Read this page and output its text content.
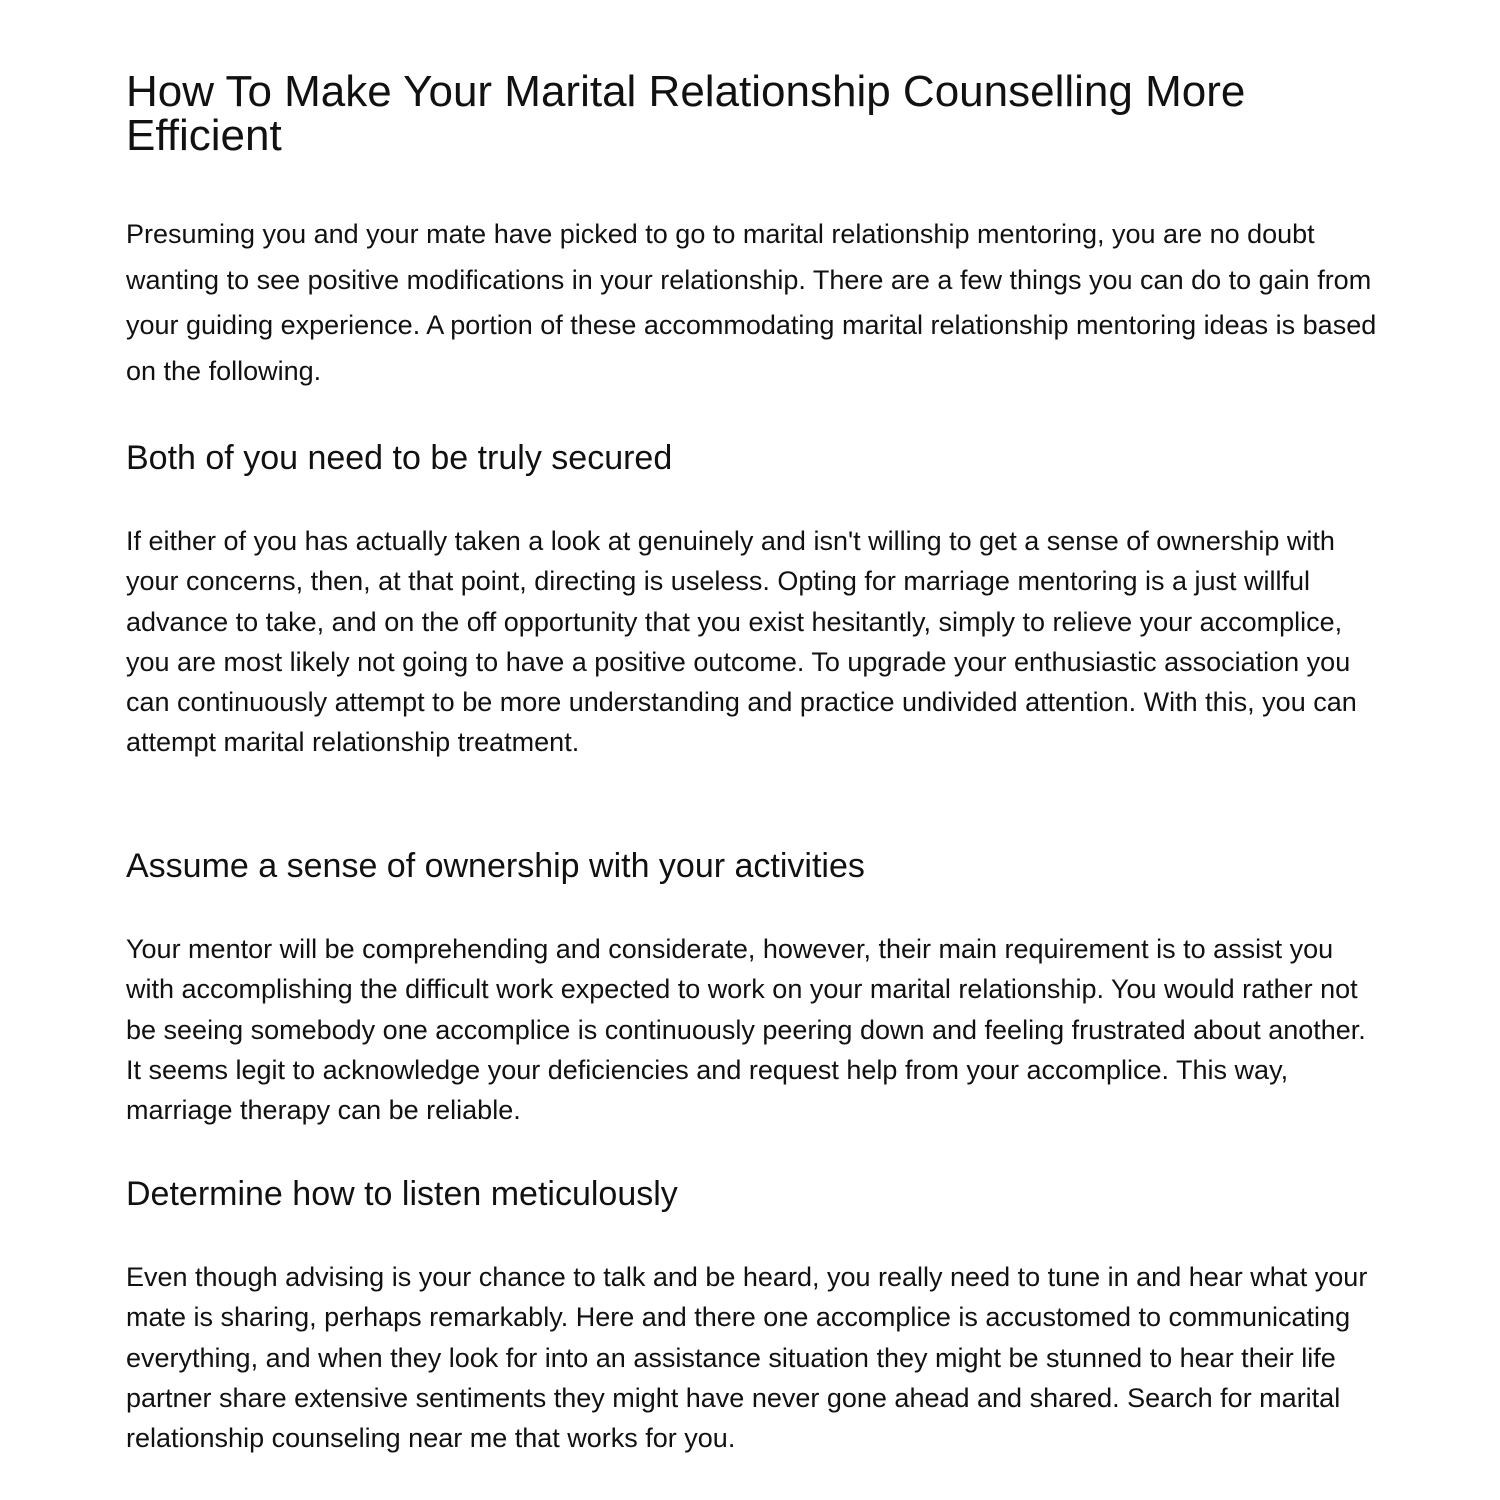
How To Make Your Marital Relationship Counselling More Efficient

Presuming you and your mate have picked to go to marital relationship mentoring, you are no doubt wanting to see positive modifications in your relationship. There are a few things you can do to gain from your guiding experience. A portion of these accommodating marital relationship mentoring ideas is based on the following.

Both of you need to be truly secured

If either of you has actually taken a look at genuinely and isn't willing to get a sense of ownership with your concerns, then, at that point, directing is useless. Opting for marriage mentoring is a just willful advance to take, and on the off opportunity that you exist hesitantly, simply to relieve your accomplice, you are most likely not going to have a positive outcome. To upgrade your enthusiastic association you can continuously attempt to be more understanding and practice undivided attention. With this, you can attempt marital relationship treatment.

Assume a sense of ownership with your activities

Your mentor will be comprehending and considerate, however, their main requirement is to assist you with accomplishing the difficult work expected to work on your marital relationship. You would rather not be seeing somebody one accomplice is continuously peering down and feeling frustrated about another. It seems legit to acknowledge your deficiencies and request help from your accomplice. This way, marriage therapy can be reliable.

Determine how to listen meticulously

Even though advising is your chance to talk and be heard, you really need to tune in and hear what your mate is sharing, perhaps remarkably. Here and there one accomplice is accustomed to communicating everything, and when they look for into an assistance situation they might be stunned to hear their life partner share extensive sentiments they might have never gone ahead and shared. Search for marital relationship counseling near me that works for you.
